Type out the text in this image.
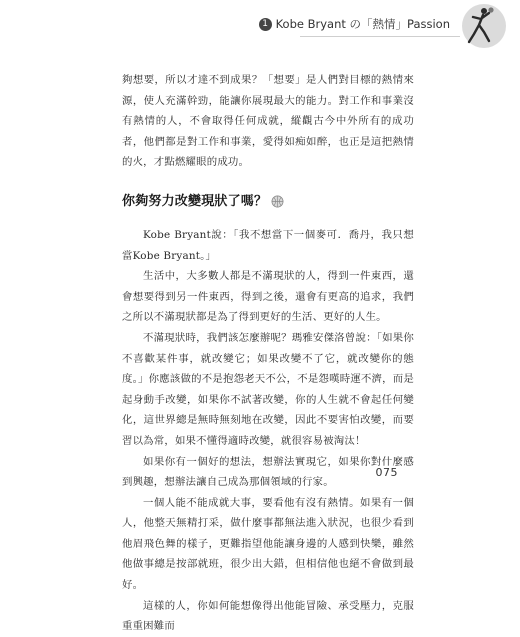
1 Kobe Bryant の「熱情」Passion

夠想要，所以才達不到成果？「想要」是人們對目標的熱情來源，使人充滿幹勁，能讓你展現最大的能力。對工作和事業沒有熱情的人，不會取得任何成就，縱觀古今中外所有的成功者，他們都是對工作和事業，愛得如痴如醉，也正是這把熱情的火，才點燃耀眼的成功。

你夠努力改變現狀了嗎？

Kobe Bryant說：「我不想當下一個麥可．喬丹，我只想當Kobe Bryant。」

生活中，大多數人都是不滿現狀的人，得到一件東西，還會想要得到另一件東西，得到之後，還會有更高的追求，我們之所以不滿現狀都是為了得到更好的生活、更好的人生。

不滿現狀時，我們該怎麼辦呢？瑪雅安傑洛曾說：「如果你不喜歡某件事，就改變它；如果改變不了它，就改變你的態度。」你應該做的不是抱怨老天不公，不是怨嘆時運不濟，而是起身動手改變，如果你不試著改變，你的人生就不會起任何變化，這世界總是無時無刻地在改變，因此不要害怕改變，而要習以為常，如果不懂得適時改變，就很容易被淘汰！

如果你有一個好的想法，想辦法實現它，如果你對什麼感到興趣，想辦法讓自己成為那個領域的行家。

一個人能不能成就大事，要看他有沒有熱情。如果有一個人，他整天無精打采，做什麼事都無法進入狀況，也很少看到他眉飛色舞的樣子，更難指望他能讓身邊的人感到快樂，雖然他做事總是按部就班，很少出大錯，但相信他也絕不會做到最好。

這樣的人，你如何能想像得出他能冒險、承受壓力，克服重重困難而

075
